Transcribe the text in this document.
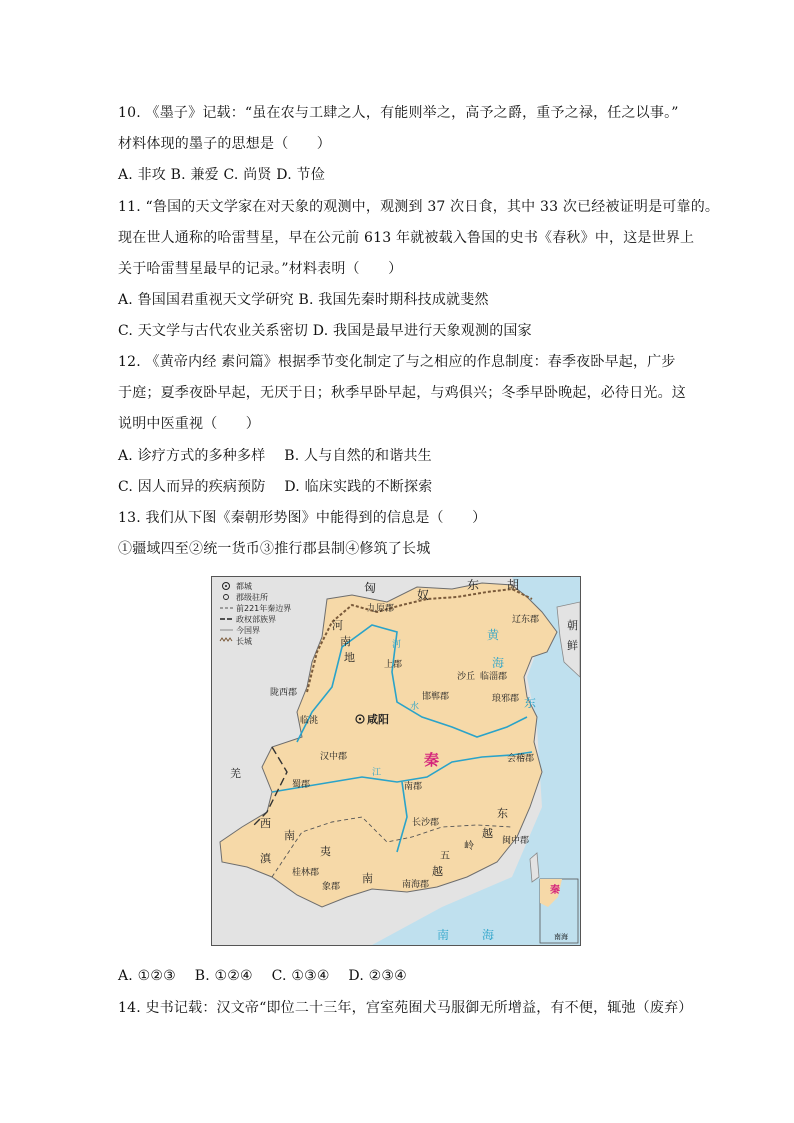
10. 《墨子》记载：“虽在农与工肆之人，有能则举之，高予之爵，重予之禄，任之以事。”
材料体现的墨子的思想是（　　）
A. 非攻 B. 兼爱 C. 尚贤 D. 节俭
11. “鲁国的天文学家在对天象的观测中，观测到 37 次日食，其中 33 次已经被证明是可靠的。
现在世人通称的哈雷彗星，早在公元前 613 年就被载入鲁国的史书《春秋》中，这是世界上
关于哈雷彗星最早的记录。”材料表明（　　）
A. 鲁国国君重视天文学研究 B. 我国先秦时期科技成就斐然
C. 天文学与古代农业关系密切 D. 我国是最早进行天象观测的国家
12. 《黄帝内经 素问篇》根据季节变化制定了与之相应的作息制度：春季夜卧早起，广步
于庭；夏季夜卧早起，无厌于日；秋季早卧早起，与鸡俱兴；冬季早卧晚起，必待日光。这
说明中医重视（　　）
A. 诊疗方式的多种多样　 B. 人与自然的和谐共生
C. 因人而异的疾病预防　 D. 临床实践的不断探索
13. 我们从下图《秦朝形势图》中能得到的信息是（　　）
①疆域四至②统一货币③推行郡县制④修筑了长城
都城
郡级驻所
前221年秦边界
政权部族界
今国界
长城
匈	奴
东 胡
九原郡
河
南
地
上郡
辽东郡	朝
鲜
沙丘 临淄郡
邯郸郡	琅邪郡
陇西郡
临洮	咸阳
汉中郡	秦	会稽郡
蜀郡	南郡
羌
长沙郡
西
南
夷
滇
闽中郡
五
岭
越
越
东
桂林郡
南海郡
南
象郡
东
黄
海
南	海
河
水
江
秦
南海
A. ①②③　 B. ①②④　 C. ①③④　 D. ②③④
14. 史书记载：汉文帝“即位二十三年，宫室苑囿犬马服御无所增益，有不便，辄弛（废弃）
